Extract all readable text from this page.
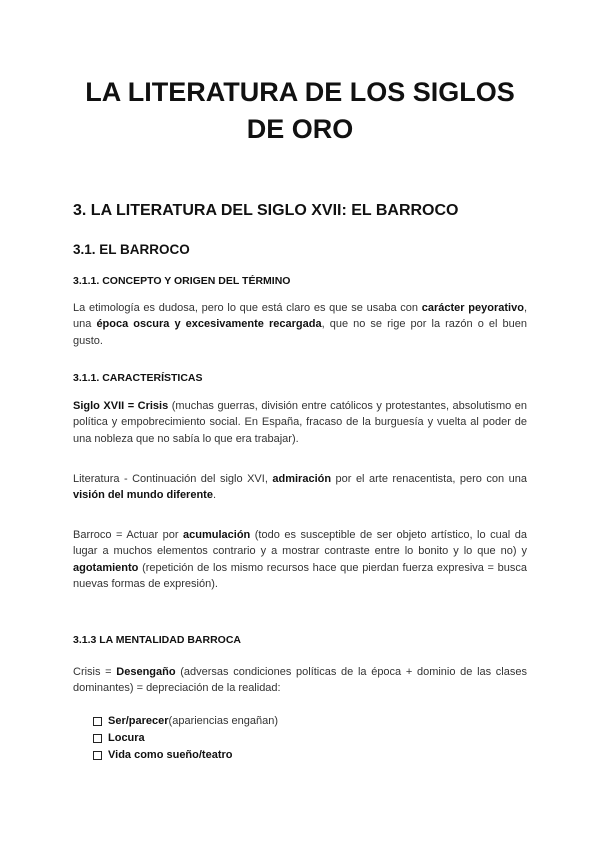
LA LITERATURA DE LOS SIGLOS DE ORO
3. LA LITERATURA DEL SIGLO XVII: EL BARROCO
3.1. EL BARROCO
3.1.1. CONCEPTO Y ORIGEN DEL TÉRMINO

La etimología es dudosa, pero lo que está claro es que se usaba con carácter peyorativo, una época oscura y excesivamente recargada, que no se rige por la razón o el buen gusto.

3.1.1. CARACTERÍSTICAS

Siglo XVII = Crisis (muchas guerras, división entre católicos y protestantes, absolutismo en política y empobrecimiento social. En España, fracaso de la burguesía y vuelta al poder de una nobleza que no sabía lo que era trabajar).

Literatura - Continuación del siglo XVI, admiración por el arte renacentista, pero con una visión del mundo diferente.

Barroco = Actuar por acumulación (todo es susceptible de ser objeto artístico, lo cual da lugar a muchos elementos contrario y a mostrar contraste entre lo bonito y lo que no) y agotamiento (repetición de los mismo recursos hace que pierdan fuerza expresiva = busca nuevas formas de expresión).

3.1.3 LA MENTALIDAD BARROCA

Crisis = Desengaño (adversas condiciones políticas de la época + dominio de las clases dominantes) = depreciación de la realidad:

Ser/parecer (apariencias engañan)
Locura
Vida como sueño/teatro
